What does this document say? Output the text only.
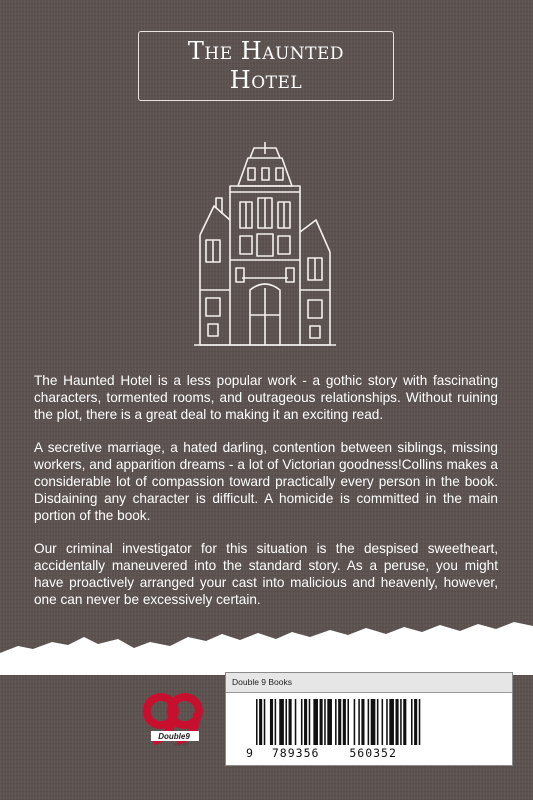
The Haunted
Hotel

The Haunted Hotel is a less popular work - a gothic story with fascinating characters, tormented rooms, and outrageous relationships. Without ruining the plot, there is a great deal to making it an exciting read.

A secretive marriage, a hated darling, contention between siblings, missing workers, and apparition dreams - a lot of Victorian goodness!Collins makes a considerable lot of compassion toward practically every person in the book. Disdaining any character is difficult. A homicide is committed in the main portion of the book.

Our criminal investigator for this situation is the despised sweetheart, accidentally maneuvered into the standard story. As a peruse, you might have proactively arranged your cast into malicious and heavenly, however, one can never be excessively certain.

Double9
BOOKS
Double 9 Books
9 789356	560352
